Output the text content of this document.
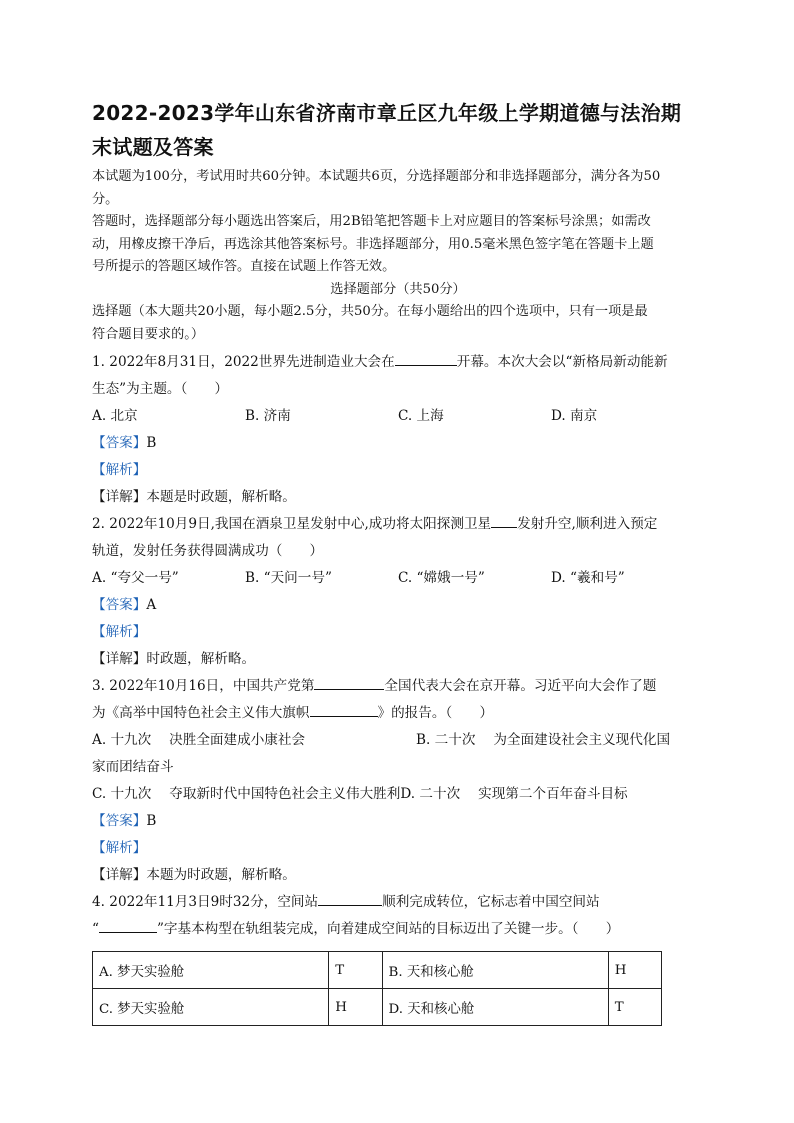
2022-2023学年山东省济南市章丘区九年级上学期道德与法治期
末试题及答案

本试题为100分，考试用时共60分钟。本试题共6页，分选择题部分和非选择题部分，满分各为50

分。

答题时，选择题部分每小题选出答案后，用2B铅笔把答题卡上对应题目的答案标号涂黑；如需改

动，用橡皮擦干净后，再选涂其他答案标号。非选择题部分，用0.5毫米黑色签字笔在答题卡上题

号所提示的答题区域作答。直接在试题上作答无效。

选择题部分（共50分）

选择题（本大题共20小题，每小题2.5分，共50分。在每小题给出的四个选项中，只有一项是最

符合题目要求的。）

1. 2022年8月31日，2022世界先进制造业大会在	开幕。本次大会以“新格局新动能新

生态”为主题。（　　）

A. 北京	B. 济南	C. 上海	D. 南京

【答案】B

【解析】

【详解】本题是时政题，解析略。

2. 2022年10月9日,我国在酒泉卫星发射中心,成功将太阳探测卫星 发射升空,顺利进入预定

轨道，发射任务获得圆满成功（　　）

A. “夸父一号”	B. “天问一号”	C. “嫦娥一号”	D. “羲和号”

【答案】A

【解析】

【详解】时政题，解析略。

3. 2022年10月16日，中国共产党第	全国代表大会在京开幕。习近平向大会作了题

为《高举中国特色社会主义伟大旗帜	》的报告。（　　）

A. 十九次　 决胜全面建成小康社会	B. 二十次　 为全面建设社会主义现代化国

家而团结奋斗

C. 十九次　 夺取新时代中国特色社会主义伟大胜利D. 二十次　 实现第二个百年奋斗目标

【答案】B

【解析】

【详解】本题为时政题，解析略。

4. 2022年11月3日9时32分，空间站	顺利完成转位，它标志着中国空间站

“	”字基本构型在轨组装完成，向着建成空间站的目标迈出了关键一步。（　　）

A. 梦天实验舱	T	B. 天和核心舱	H
C. 梦天实验舱	H	D. 天和核心舱	T
